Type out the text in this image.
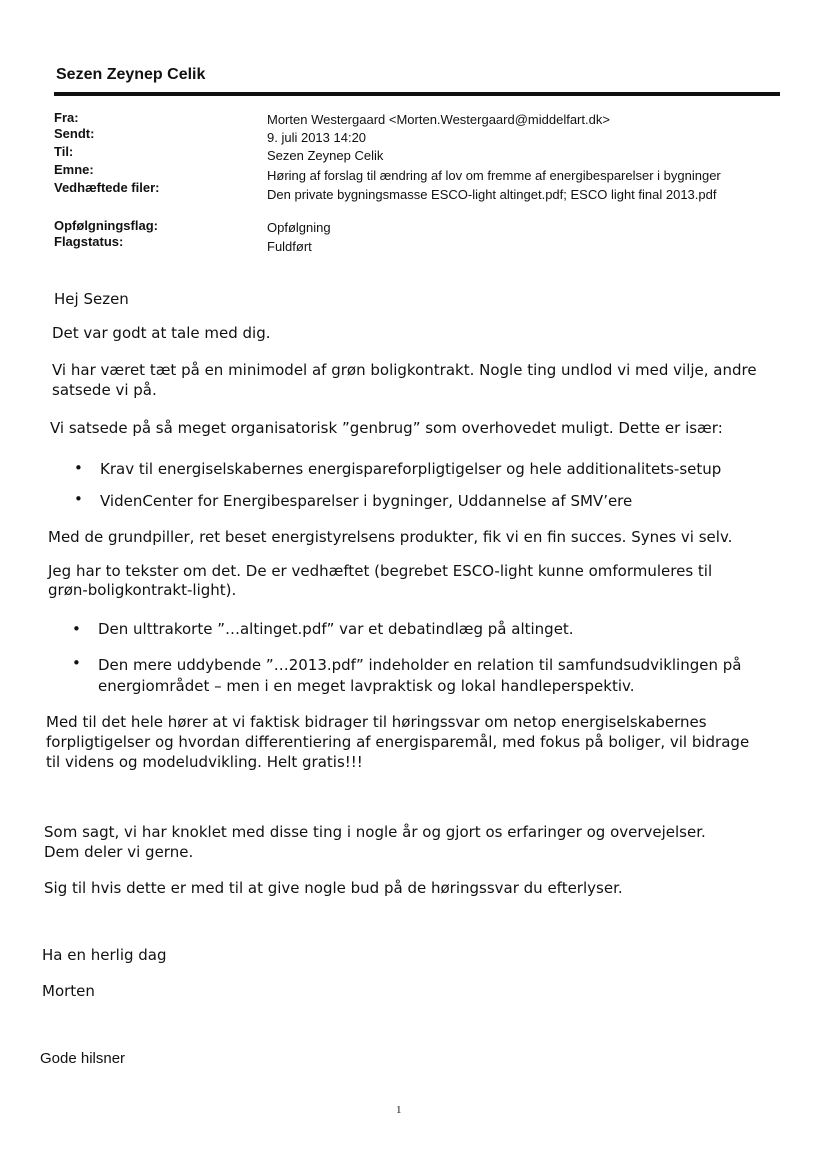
Sezen Zeynep Celik
Fra:	Morten Westergaard <Morten.Westergaard@middelfart.dk>
Sendt:	9. juli 2013 14:20
Til:	Sezen Zeynep Celik
Emne:	Høring af forslag til ændring af lov om fremme af energibesparelser i bygninger
Vedhæftede filer:	Den private bygningsmasse ESCO-light altinget.pdf; ESCO light final 2013.pdf
Opfølgningsflag:	Opfølgning
Flagstatus:	Fuldført
Hej Sezen
Det var godt at tale med dig.
Vi har været tæt på en minimodel af grøn boligkontrakt. Nogle ting undlod vi med vilje, andre
satsede vi på.
Vi satsede på så meget organisatorisk ”genbrug” som overhovedet muligt. Dette er især:
• Krav til energiselskabernes energispareforpligtigelser og hele additionalitets-setup
• VidenCenter for Energibesparelser i bygninger, Uddannelse af SMV’ere
Med de grundpiller, ret beset energistyrelsens produkter, fik vi en fin succes. Synes vi selv.
Jeg har to tekster om det. De er vedhæftet (begrebet ESCO-light kunne omformuleres til
grøn-boligkontrakt-light).
• Den ulttrakorte ”…altinget.pdf” var et debatindlæg på altinget.
• Den mere uddybende ”…2013.pdf” indeholder en relation til samfundsudviklingen på
energiområdet – men i en meget lavpraktisk og lokal handleperspektiv.
Med til det hele hører at vi faktisk bidrager til høringssvar om netop energiselskabernes
forpligtigelser og hvordan differentiering af energisparemål, med fokus på boliger, vil bidrage
til videns og modeludvikling. Helt gratis!!!
Som sagt, vi har knoklet med disse ting i nogle år og gjort os erfaringer og overvejelser.
Dem deler vi gerne.
Sig til hvis dette er med til at give nogle bud på de høringssvar du efterlyser.
Ha en herlig dag
Morten
Gode hilsner
1
